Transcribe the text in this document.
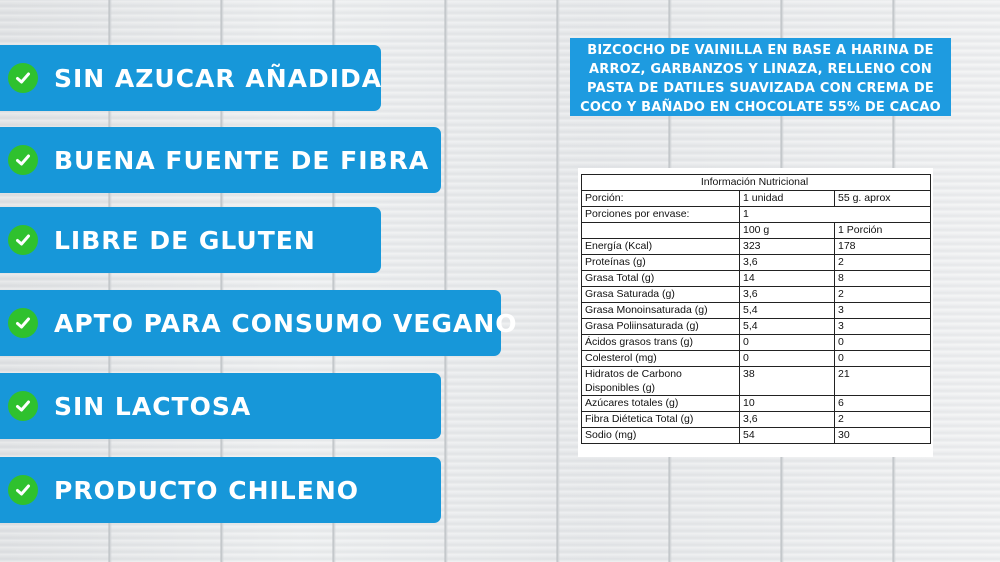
SIN AZUCAR AÑADIDA
BUENA FUENTE DE FIBRA
LIBRE DE GLUTEN
APTO PARA CONSUMO VEGANO
SIN LACTOSA
PRODUCTO CHILENO
BIZCOCHO DE VAINILLA EN BASE A HARINA DE ARROZ, GARBANZOS Y LINAZA, RELLENO CON PASTA DE DATILES SUAVIZADA CON CREMA DE COCO Y BAÑADO EN CHOCOLATE 55% DE CACAO
Información Nutricional		
Porción:	1 unidad	55 g. aprox
Porciones por envase:	1	
	100 g	1 Porción
Energía (Kcal)	323	178
Proteínas (g)	3,6	2
Grasa Total (g)	14	8
Grasa Saturada (g)	3,6	2
Grasa Monoinsaturada (g)	5,4	3
Grasa Poliinsaturada (g)	5,4	3
Ácidos grasos trans (g)	0	0
Colesterol (mg)	0	0
Hidratos de Carbono Disponibles (g)	38	21
Azúcares totales (g)	10	6
Fibra Diétetica Total (g)	3,6	2
Sodio (mg)	54	30
